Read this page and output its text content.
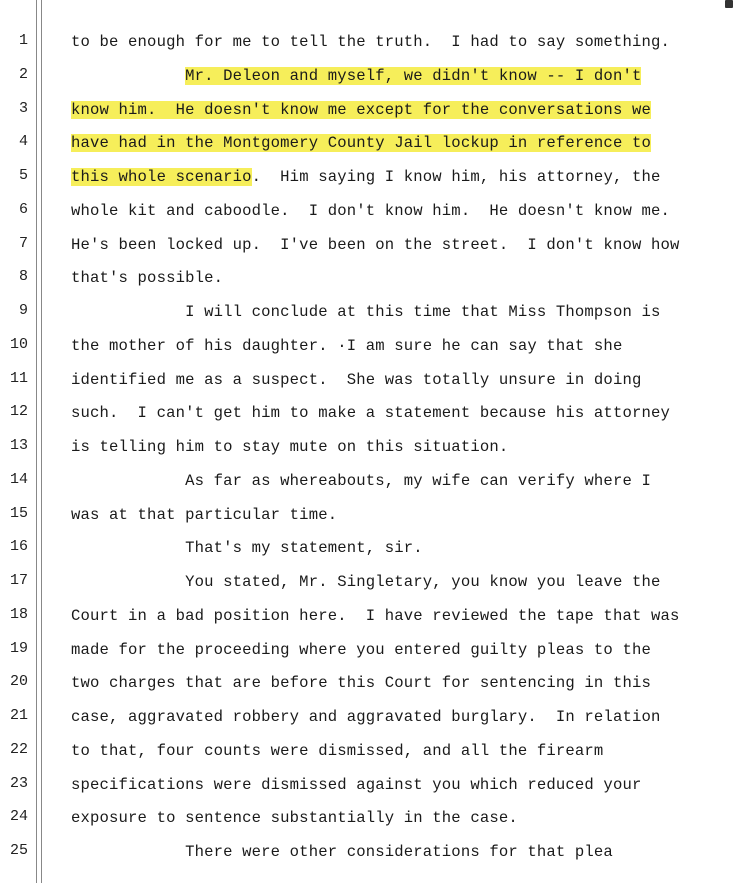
1	to be enough for me to tell the truth.  I had to say something.
2	Mr. Deleon and myself, we didn't know -- I don't
3	know him.  He doesn't know me except for the conversations we
4	have had in the Montgomery County Jail lockup in reference to
5	this whole scenario.  Him saying I know him, his attorney, the
6	whole kit and caboodle.  I don't know him.  He doesn't know me.
7	He's been locked up.  I've been on the street.  I don't know how
8	that's possible.
9	I will conclude at this time that Miss Thompson is
10	the mother of his daughter. ·I am sure he can say that she
11	identified me as a suspect.  She was totally unsure in doing
12	such.  I can't get him to make a statement because his attorney
13	is telling him to stay mute on this situation.
14	As far as whereabouts, my wife can verify where I
15	was at that particular time.
16	That's my statement, sir.
17	You stated, Mr. Singletary, you know you leave the
18	Court in a bad position here.  I have reviewed the tape that was
19	made for the proceeding where you entered guilty pleas to the
20	two charges that are before this Court for sentencing in this
21	case, aggravated robbery and aggravated burglary.  In relation
22	to that, four counts were dismissed, and all the firearm
23	specifications were dismissed against you which reduced your
24	exposure to sentence substantially in the case.
25	There were other considerations for that plea
